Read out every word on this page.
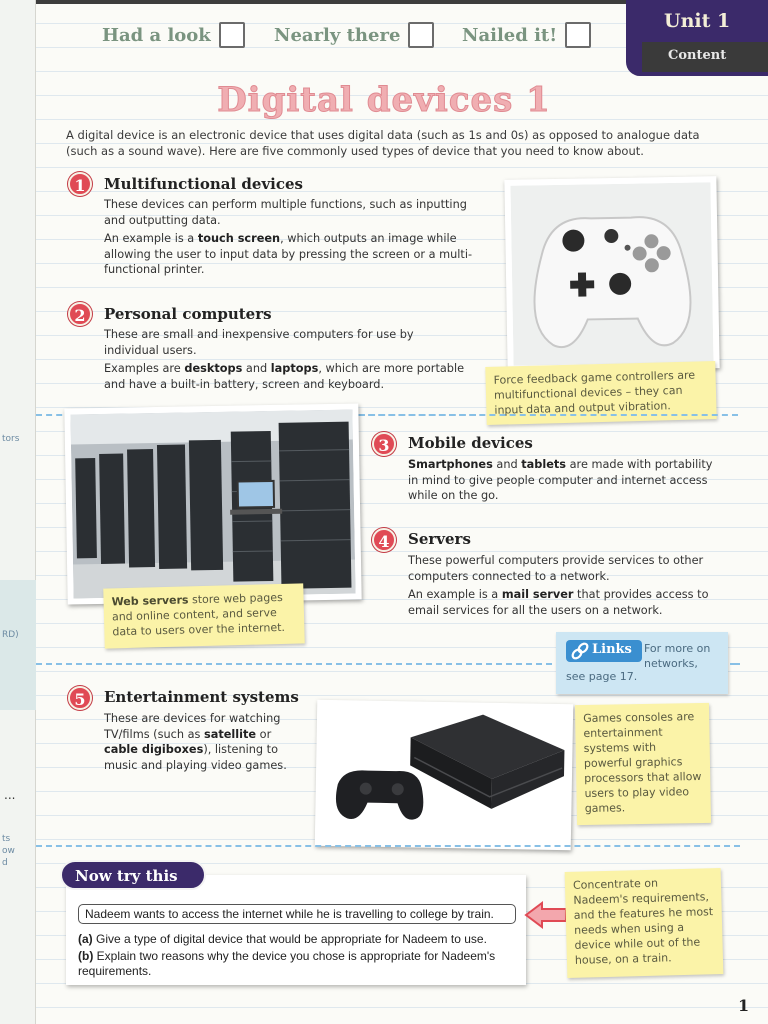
tors
RD)
...
ts
ow
d
Had a look	Nearly there	Nailed it!
Unit 1
Content
Digital devices 1
A digital device is an electronic device that uses digital data (such as 1s and 0s) as opposed to analogue data (such as a sound wave). Here are five commonly used types of device that you need to know about.
1	Multifunctional devices

These devices can perform multiple functions, such as inputting and outputting data.

An example is a touch screen, which outputs an image while allowing the user to input data by pressing the screen or a multi-functional printer.

2	Personal computers

These are small and inexpensive computers for use by individual users.

Examples are desktops and laptops, which are more portable and have a built-in battery, screen and keyboard.	Force feedback game controllers are multifunctional devices – they can input data and output vibration.
3	Mobile devices

Smartphones and tablets are made with portability in mind to give people computer and internet access while on the go.

4	Servers

These powerful computers provide services to other computers connected to a network.

An example is a mail server that provides access to email services for all the users on a network.

Web servers store web pages and online content, and serve data to users over the internet.
Links	For more on networks,
see page 17.
5	Entertainment systems

These are devices for watching TV/films (such as satellite or cable digiboxes), listening to music and playing video games.

Games consoles are entertainment systems with powerful graphics processors that allow users to play video games.
Now try this
Nadeem wants to access the internet while he is travelling to college by train.
(a) Give a type of digital device that would be appropriate for Nadeem to use.
(b) Explain two reasons why the device you chose is appropriate for Nadeem's requirements.
Concentrate on Nadeem's requirements, and the features he most needs when using a device while out of the house, on a train.
1
